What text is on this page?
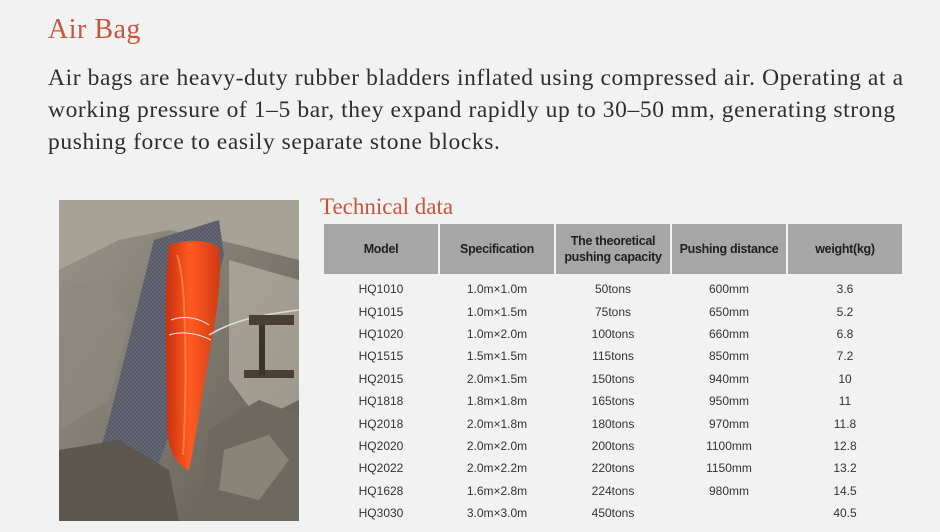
Air Bag
Air bags are heavy-duty rubber bladders inflated using compressed air. Operating at a working pressure of 1–5 bar, they expand rapidly up to 30–50 mm, generating strong pushing force to easily separate stone blocks.
Technical data
Model	Specification	The theoretical pushing capacity	Pushing distance	weight(kg)
HQ1010	1.0m×1.0m	50tons	600mm	3.6
HQ1015	1.0m×1.5m	75tons	650mm	5.2
HQ1020	1.0m×2.0m	100tons	660mm	6.8
HQ1515	1.5m×1.5m	115tons	850mm	7.2
HQ2015	2.0m×1.5m	150tons	940mm	10
HQ1818	1.8m×1.8m	165tons	950mm	11
HQ2018	2.0m×1.8m	180tons	970mm	11.8
HQ2020	2.0m×2.0m	200tons	1100mm	12.8
HQ2022	2.0m×2.2m	220tons	1150mm	13.2
HQ1628	1.6m×2.8m	224tons	980mm	14.5
HQ3030	3.0m×3.0m	450tons		40.5
